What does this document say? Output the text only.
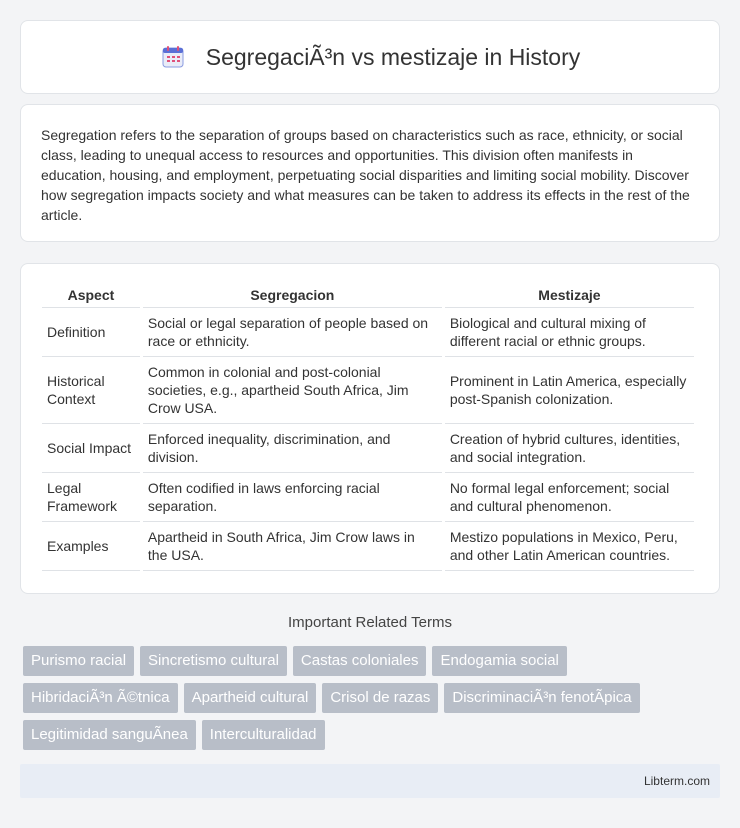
SegregaciÃ³n vs mestizaje in History

Segregation refers to the separation of groups based on characteristics such as race, ethnicity, or social class, leading to unequal access to resources and opportunities. This division often manifests in education, housing, and employment, perpetuating social disparities and limiting social mobility. Discover how segregation impacts society and what measures can be taken to address its effects in the rest of the article.

Aspect	Segregacion	Mestizaje
Definition	Social or legal separation of people based on race or ethnicity.	Biological and cultural mixing of different racial or ethnic groups.
Historical Context	Common in colonial and post-colonial societies, e.g., apartheid South Africa, Jim Crow USA.	Prominent in Latin America, especially post-Spanish colonization.
Social Impact	Enforced inequality, discrimination, and division.	Creation of hybrid cultures, identities, and social integration.
Legal Framework	Often codified in laws enforcing racial separation.	No formal legal enforcement; social and cultural phenomenon.
Examples	Apartheid in South Africa, Jim Crow laws in the USA.	Mestizo populations in Mexico, Peru, and other Latin American countries.
Important Related Terms
Purismo racial	Sincretismo cultural	Castas coloniales	Endogamia social
HibridaciÃ³n Ã©tnica	Apartheid cultural	Crisol de razas	DiscriminaciÃ³n fenotÃpica
Legitimidad sanguÃnea	Interculturalidad
Libterm.com
